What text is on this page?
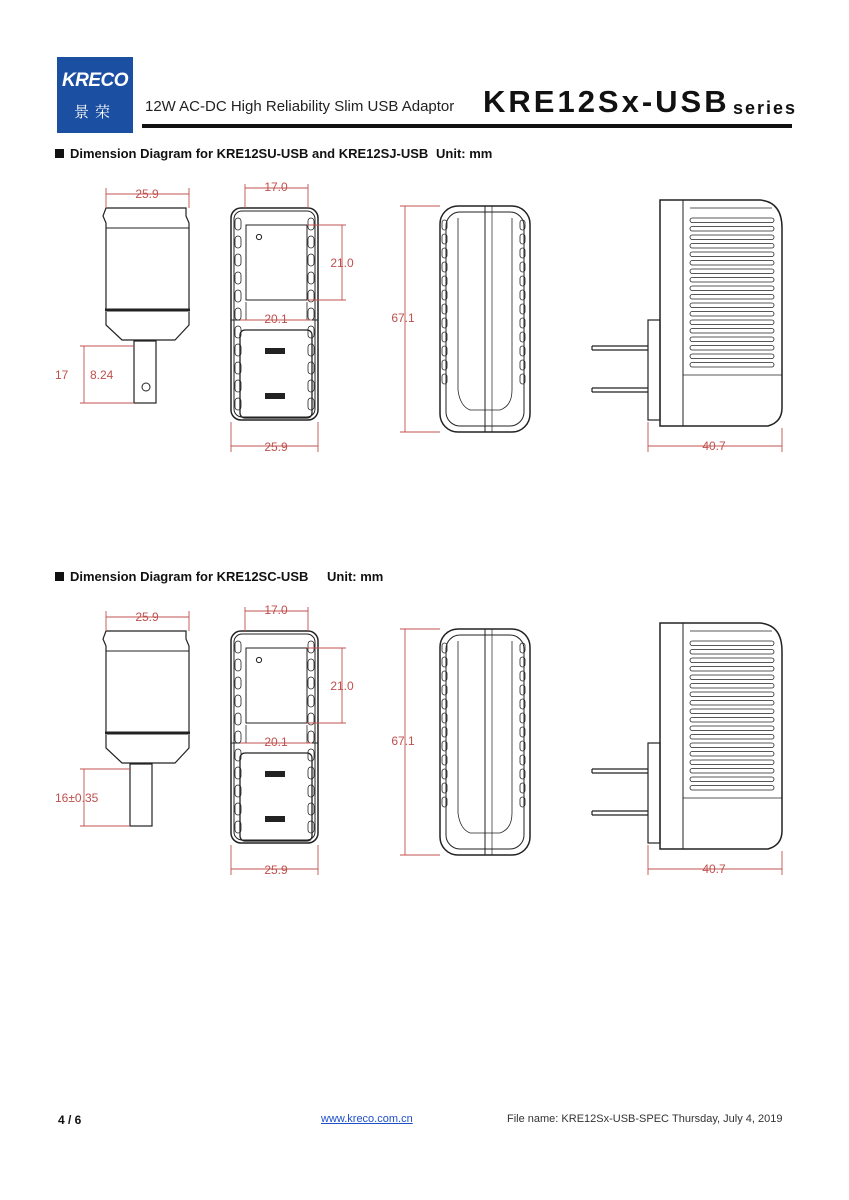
KRECO
景荣	12W AC-DC High Reliability Slim USB Adaptor KRE12Sx-USB series
Dimension Diagram for KRE12SU-USB and KRE12SJ-USB Unit: mm
25.9	17.0
21.0
20.1
25.9
67.1
40.7
17 8.24
Dimension Diagram for KRE12SC-USB Unit: mm
25.9	17.0
21.0
20.1
25.9
67.1
40.7
16±0.35
4 / 6	www.kreco.com.cn	File name: KRE12Sx-USB-SPEC Thursday, July 4, 2019
